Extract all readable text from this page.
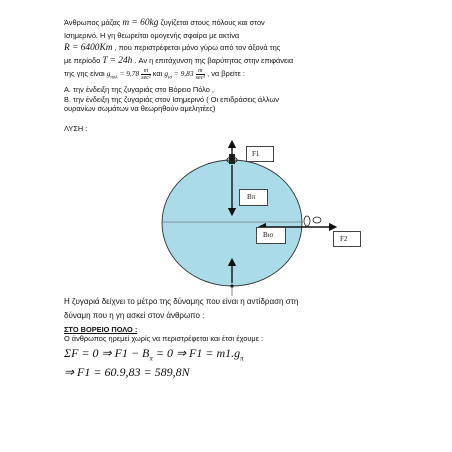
Άνθρωπος μάζας m = 60kg ζυγίζεται στους πόλους και στον
Ισημερινό. Η γη θεωρείται ομογενής σφαίρα με ακτίνα
R = 6400Km , που περιστρέφεται μόνο γύρω από τον άξονά της
με περίοδο T = 24h . Αν η επιτάχυνση της βαρύτητας στην επιφάνεια
της γης είναι $g_{\pi o\lambda} = 9,78 \frac{m}{\text{sec²}}$ και $g_{\iota\sigma} = 9,83 \frac{m}{\text{sec²}}$ , να βρείτε :
Α. την ένδειξη της ζυγαριάς στο Βόρειο Πόλο ,
Β. την ένδειξη της ζυγαριάς στον Ισημερινό ( Οι επιδράσεις άλλων
ουρανίων σωμάτων να θεωρηθούν αμελητέες)
ΛΥΣΗ :
F1
Βπ
Βισ	F2
Η ζυγαριά δείχνει το μέτρο της δύναμης που είναι η αντίδραση στη
δύναμη που η γη ασκεί στον άνθρωπο :
ΣΤΟ ΒΟΡΕΙΟ ΠΟΛΟ :
Ο άνθρωπος ηρεμεί χωρίς να περιστρέφεται και έτσι έχουμε :
ΣF = 0 ⇒ $F1 - B_\pi = 0$ ⇒ $F1 = m1.g_\pi$
⇒ F1 = 60.9,83 = 589,8N
